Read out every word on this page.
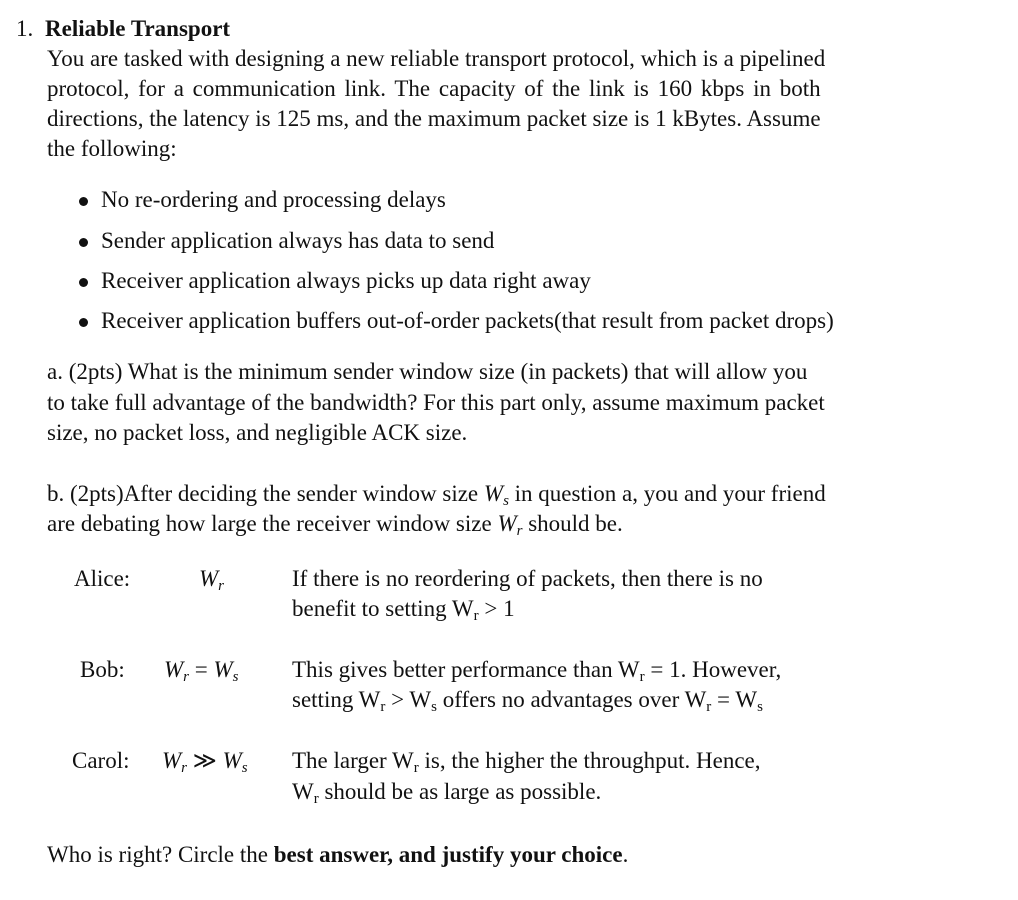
1. Reliable Transport
You are tasked with designing a new reliable transport protocol, which is a pipelined
protocol, for a communication link. The capacity of the link is 160 kbps in both
directions, the latency is 125 ms, and the maximum packet size is 1 kBytes. Assume
the following:
No re-ordering and processing delays
Sender application always has data to send
Receiver application always picks up data right away
Receiver application buffers out-of-order packets(that result from packet drops)
a. (2pts) What is the minimum sender window size (in packets) that will allow you
to take full advantage of the bandwidth? For this part only, assume maximum packet
size, no packet loss, and negligible ACK size.
b. (2pts)After deciding the sender window size $W_s$ in question a, you and your friend
are debating how large the receiver window size $W_r$ should be.
Alice:	$W_r$	If there is no reordering of packets, then there is no
benefit to setting $W_r > 1$
Bob: $W_r = W_s$ This gives better performance than $W_r = 1$. However,
setting $W_r > W_s$ offers no advantages over $W_r = W_s$
Carol: $W_r$ ≫ $W_s$ The larger $W_r$ is, the higher the throughput. Hence,
$W_r$ should be as large as possible.
Who is right? Circle the best answer, and justify your choice.
